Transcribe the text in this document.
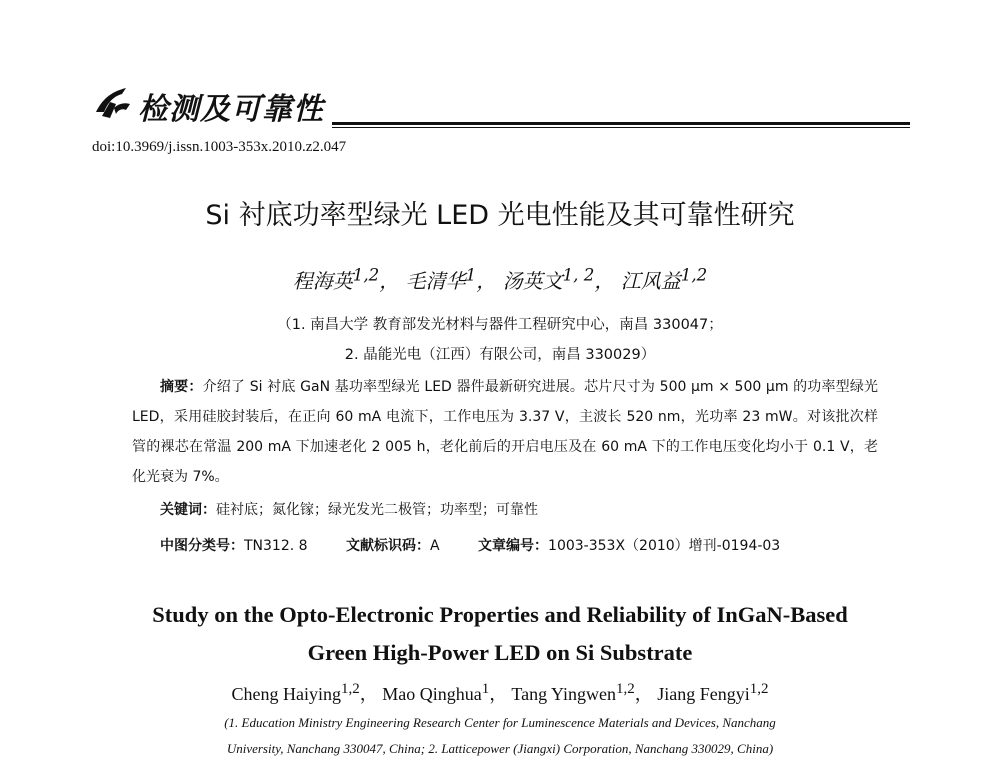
检测及可靠性
doi:10.3969/j.issn.1003-353x.2010.z2.047
Si 衬底功率型绿光 LED 光电性能及其可靠性研究
程海英$^{1,2}$， 毛清华$^1$， 汤英文$^{1, 2}$， 江风益$^{1,2}$
（1. 南昌大学 教育部发光材料与器件工程研究中心，南昌 330047；
2. 晶能光电（江西）有限公司，南昌 330029）
摘要：介绍了 Si 衬底 GaN 基功率型绿光 LED 器件最新研究进展。芯片尺寸为 500 μm × 500 μm 的功率型绿光 LED，采用硅胶封装后，在正向 60 mA 电流下，工作电压为 3.37 V，主波长 520 nm，光功率 23 mW。对该批次样管的裸芯在常温 200 mA 下加速老化 2 005 h，老化前后的开启电压及在 60 mA 下的工作电压变化均小于 0.1 V，老化光衰为 7%。
关键词：硅衬底；氮化镓；绿光发光二极管；功率型；可靠性
中图分类号：TN312. 8	文献标识码：A	文章编号：1003-353X（2010）增刊-0194-03
Study on the Opto-Electronic Properties and Reliability of InGaN-Based
Green High-Power LED on Si Substrate
Cheng Haiying$^{1,2}$， Mao Qinghua$^1$， Tang Yingwen$^{1,2}$， Jiang Fengyi$^{1,2}$
(1. Education Ministry Engineering Research Center for Luminescence Materials and Devices, Nanchang
University, Nanchang 330047, China; 2. Latticepower (Jiangxi) Corporation, Nanchang 330029, China)
